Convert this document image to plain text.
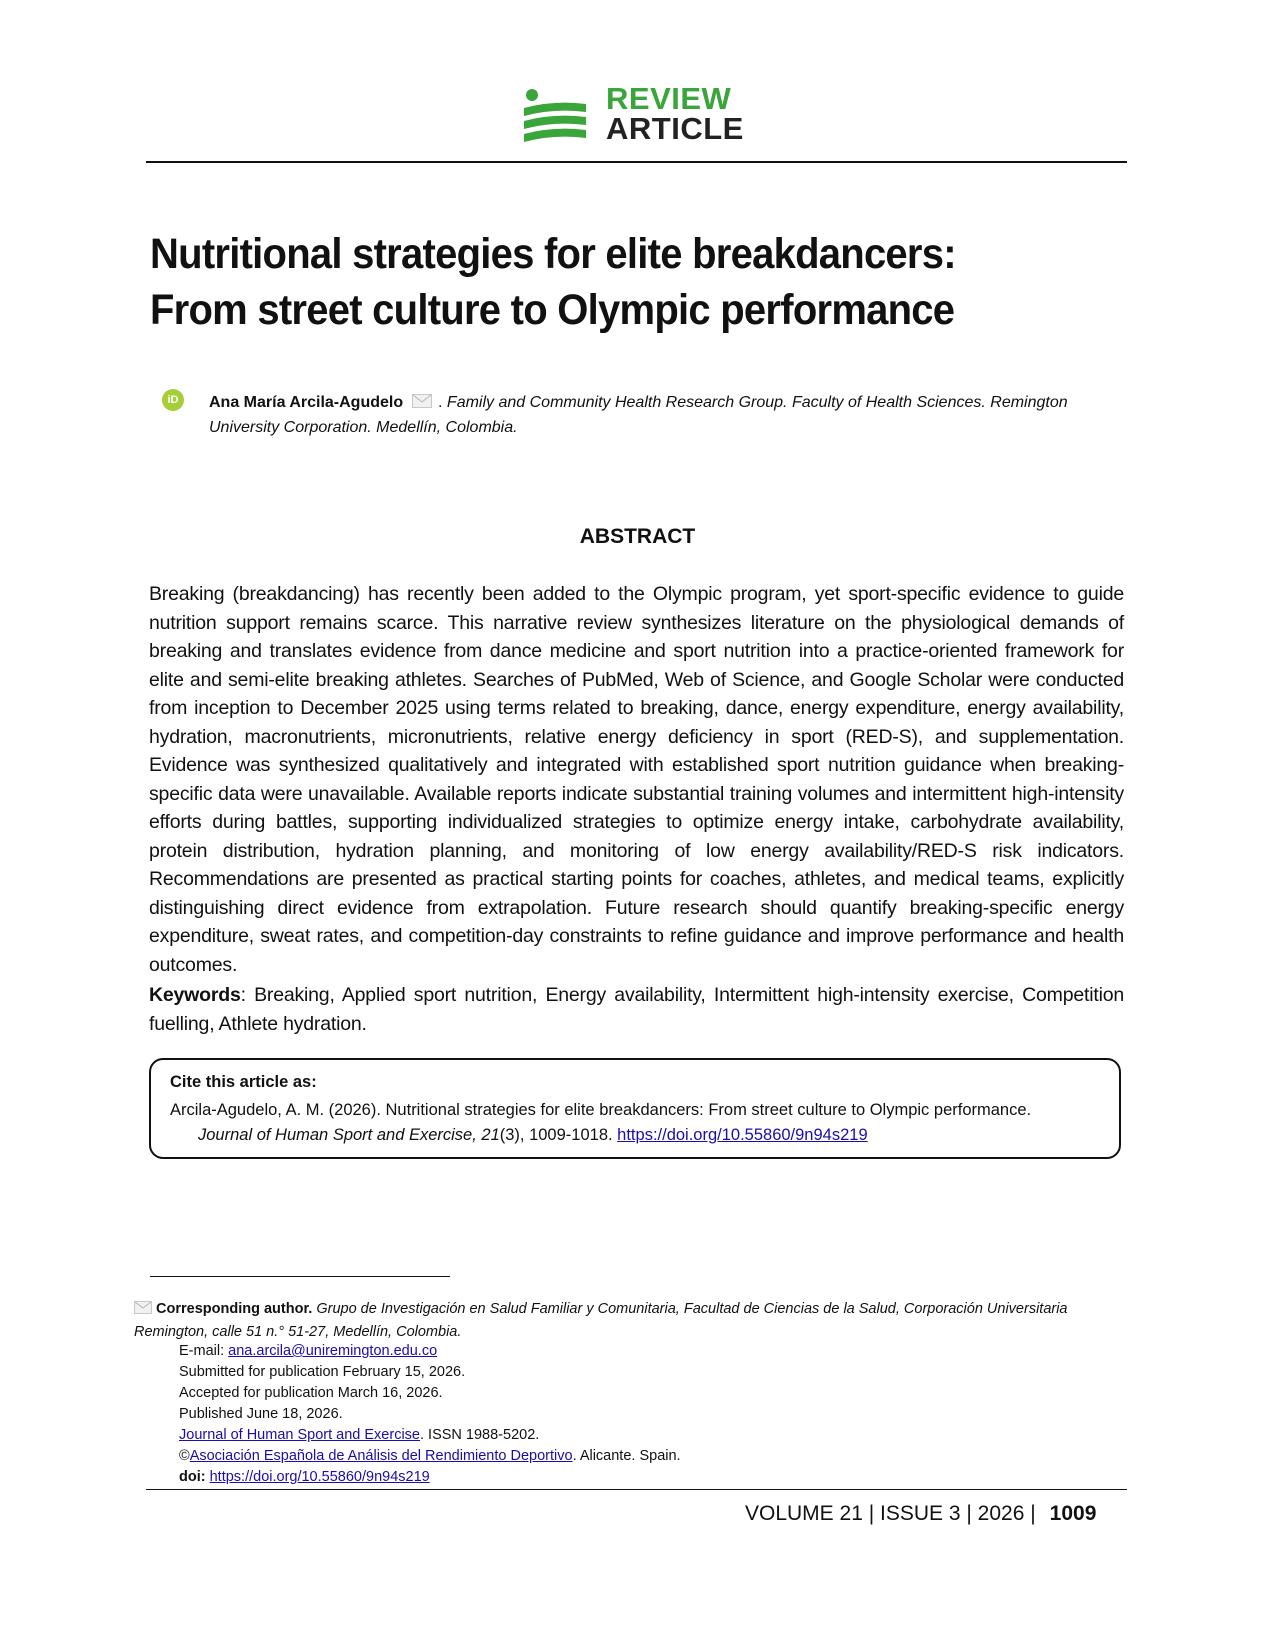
REVIEW
ARTICLE
Nutritional strategies for elite breakdancers: From street culture to Olympic performance
iD	Ana María Arcila-Agudelo . Family and Community Health Research Group. Faculty of Health Sciences. Remington University Corporation. Medellín, Colombia.
ABSTRACT
Breaking (breakdancing) has recently been added to the Olympic program, yet sport-specific evidence to guide nutrition support remains scarce. This narrative review synthesizes literature on the physiological demands of breaking and translates evidence from dance medicine and sport nutrition into a practice-oriented framework for elite and semi-elite breaking athletes. Searches of PubMed, Web of Science, and Google Scholar were conducted from inception to December 2025 using terms related to breaking, dance, energy expenditure, energy availability, hydration, macronutrients, micronutrients, relative energy deficiency in sport (RED-S), and supplementation. Evidence was synthesized qualitatively and integrated with established sport nutrition guidance when breaking-specific data were unavailable. Available reports indicate substantial training volumes and intermittent high-intensity efforts during battles, supporting individualized strategies to optimize energy intake, carbohydrate availability, protein distribution, hydration planning, and monitoring of low energy availability/RED-S risk indicators. Recommendations are presented as practical starting points for coaches, athletes, and medical teams, explicitly distinguishing direct evidence from extrapolation. Future research should quantify breaking-specific energy expenditure, sweat rates, and competition-day constraints to refine guidance and improve performance and health outcomes.
Keywords: Breaking, Applied sport nutrition, Energy availability, Intermittent high-intensity exercise, Competition fuelling, Athlete hydration.
Cite this article as:
Arcila-Agudelo, A. M. (2026). Nutritional strategies for elite breakdancers: From street culture to Olympic performance.
Journal of Human Sport and Exercise, 21(3), 1009-1018. https://doi.org/10.55860/9n94s219
Corresponding author. Grupo de Investigación en Salud Familiar y Comunitaria, Facultad de Ciencias de la Salud, Corporación Universitaria Remington, calle 51 n.° 51-27, Medellín, Colombia.
E-mail: ana.arcila@uniremington.edu.co
Submitted for publication February 15, 2026.
Accepted for publication March 16, 2026.
Published June 18, 2026.
Journal of Human Sport and Exercise. ISSN 1988-5202.
©Asociación Española de Análisis del Rendimiento Deportivo. Alicante. Spain.
doi: https://doi.org/10.55860/9n94s219
VOLUME 21 | ISSUE 3 | 2026 | 1009
